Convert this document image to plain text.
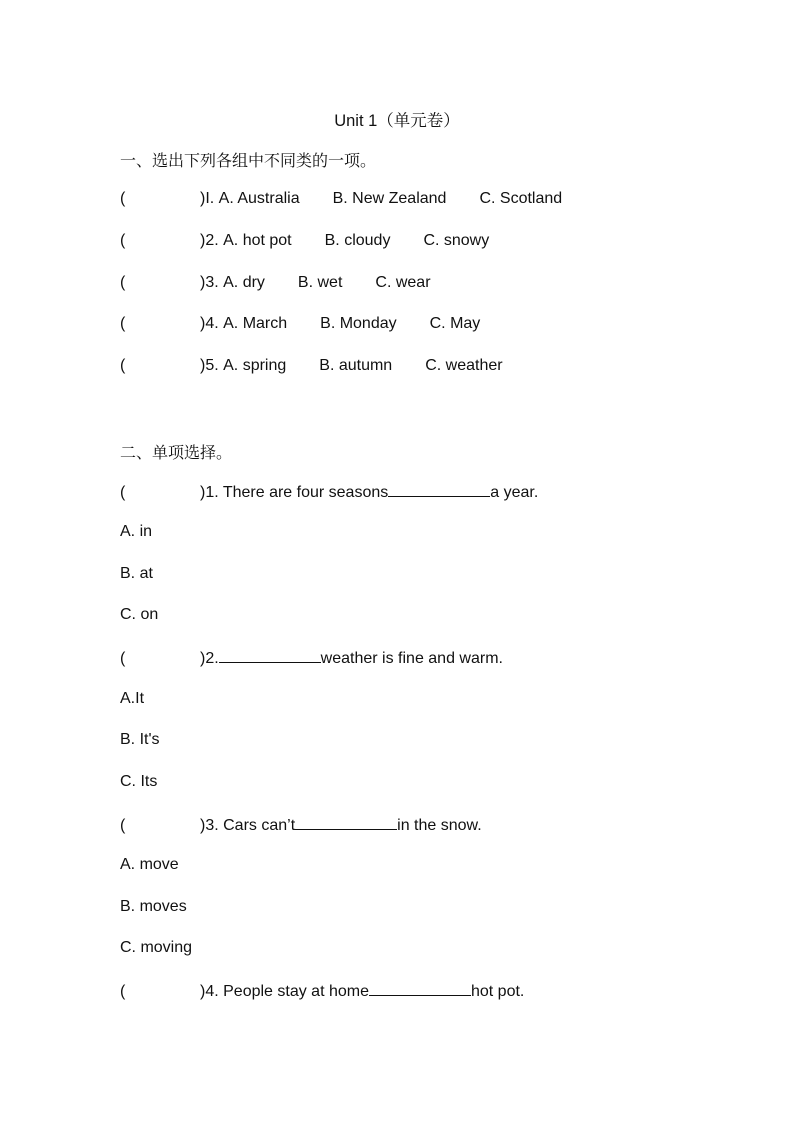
Unit 1（单元卷）
一、选出下列各组中不同类的一项。
(	)I. A. Australia B. New Zealand C. Scotland
(	)2. A. hot pot B. cloudy C. snowy
(	)3. A. dry B. wet C. wear
(	)4. A. March B. Monday C. May
(	)5. A. spring B. autumn C. weather
二、单项选择。
(	)1. There are four seasons	a year.
A. in
B. at
C. on
(	)2.	weather is fine and warm.
A.It
B. It's
C. Its
(	)3. Cars can’t	in the snow.
A. move
B. moves
C. moving
(	)4. People stay at home	hot pot.
